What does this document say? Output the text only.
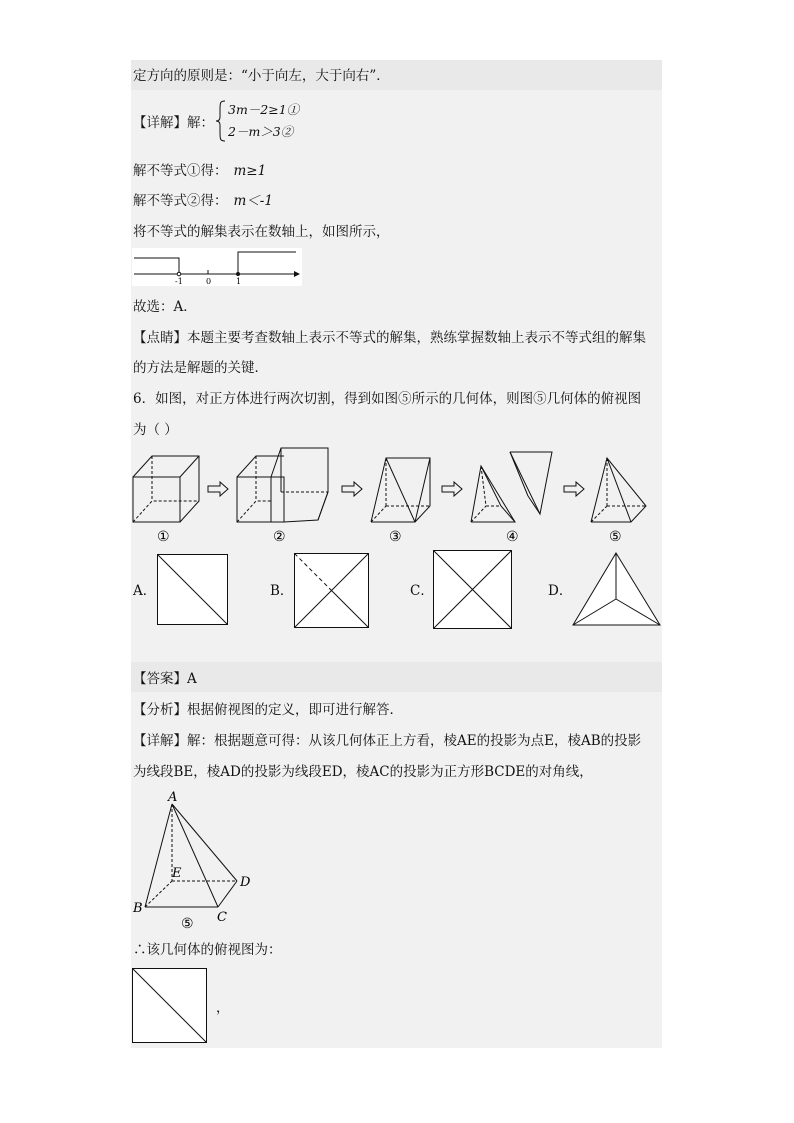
定方向的原则是：“小于向左，大于向右”．
【详解】解：
3m－2≥1①
2－m＞3②
解不等式①得： m≥1
解不等式②得： m＜-1
将不等式的解集表示在数轴上，如图所示，
-1	0	1
故选：A．
【点睛】本题主要考查数轴上表示不等式的解集，熟练掌握数轴上表示不等式组的解集
的方法是解题的关键．
6．如图，对正方体进行两次切割，得到如图⑤所示的几何体，则图⑤几何体的俯视图
为（ ）
①	②	③	④	⑤
A．	B．	C．	D．
【答案】A
【分析】根据俯视图的定义，即可进行解答．
【详解】解：根据题意可得：从该几何体正上方看，棱AE的投影为点E，棱AB的投影
为线段BE，棱AD的投影为线段ED，棱AC的投影为正方形BCDE的对角线，
A
B
C
D
E
⑤
∴该几何体的俯视图为：
，
